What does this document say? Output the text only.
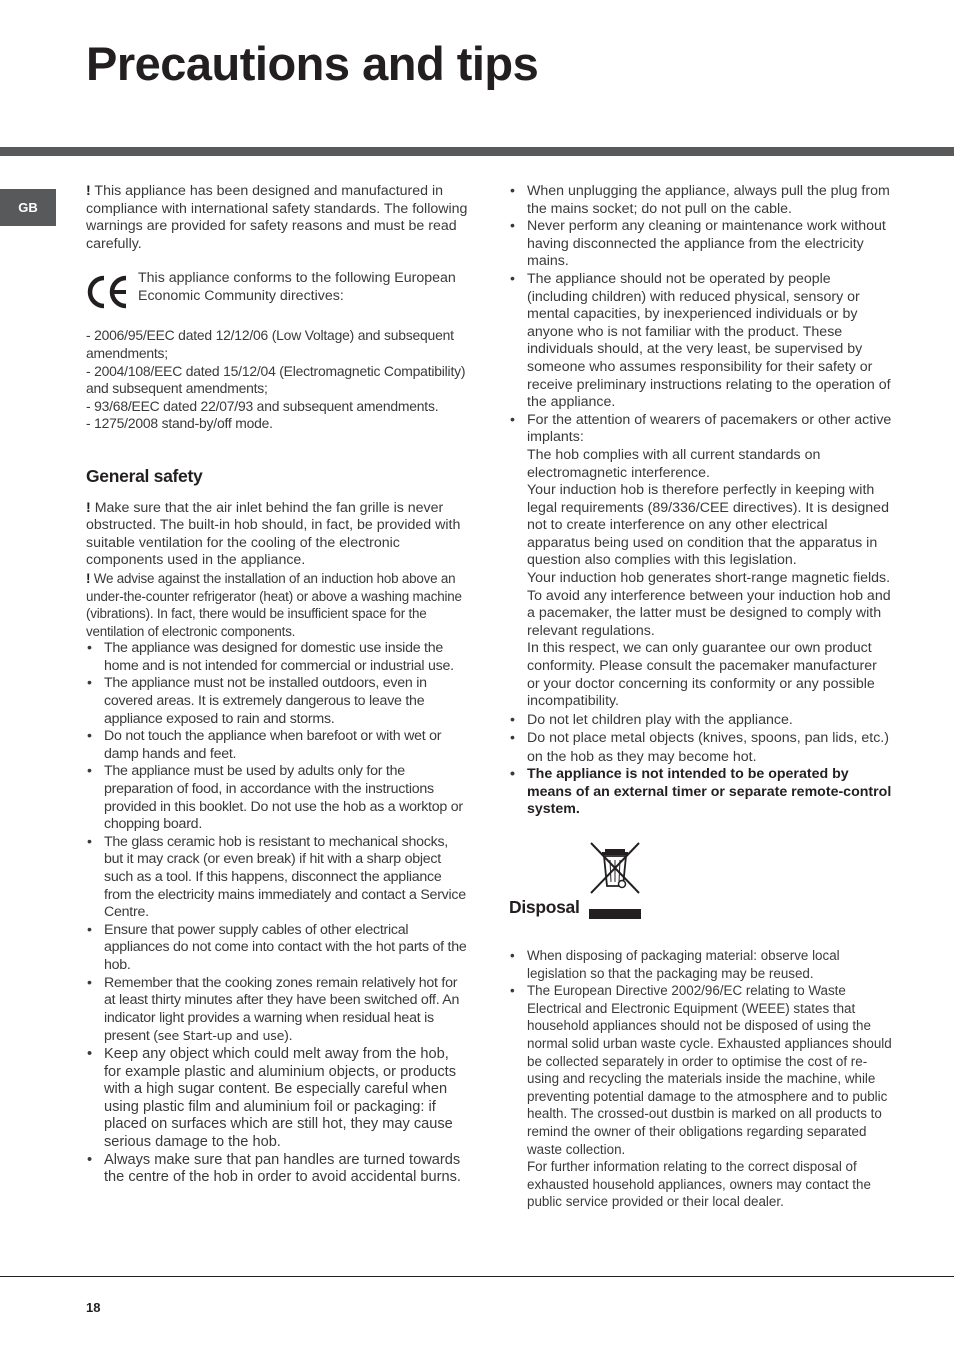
Precautions and tips
GB

! This appliance has been designed and manufactured in compliance with international safety standards. The following warnings are provided for safety reasons and must be read carefully.

This appliance conforms to the following European Economic Community directives:

- 2006/95/EEC dated 12/12/06 (Low Voltage) and subsequent amendments;

- 2004/108/EEC dated 15/12/04 (Electromagnetic Compatibility) and subsequent amendments;

- 93/68/EEC dated 22/07/93 and subsequent amendments.

- 1275/2008 stand-by/off mode.

General safety

! Make sure that the air inlet behind the fan grille is never obstructed. The built-in hob should, in fact, be provided with suitable ventilation for the cooling of the electronic components used in the appliance.

! We advise against the installation of an induction hob above an under-the-counter refrigerator (heat) or above a washing machine (vibrations). In fact, there would be insufficient space for the ventilation of electronic components.

• The appliance was designed for domestic use inside the home and is not intended for commercial or industrial use.
• The appliance must not be installed outdoors, even in covered areas. It is extremely dangerous to leave the appliance exposed to rain and storms.
• Do not touch the appliance when barefoot or with wet or damp hands and feet.
• The appliance must be used by adults only for the preparation of food, in accordance with the instructions provided in this booklet. Do not use the hob as a worktop or chopping board.
• The glass ceramic hob is resistant to mechanical shocks, but it may crack (or even break) if hit with a sharp object such as a tool. If this happens, disconnect the appliance from the electricity mains immediately and contact a Service Centre.
• Ensure that power supply cables of other electrical appliances do not come into contact with the hot parts of the hob.
• Remember that the cooking zones remain relatively hot for at least thirty minutes after they have been switched off. An indicator light provides a warning when residual heat is present (see Start-up and use).
• Keep any object which could melt away from the hob, for example plastic and aluminium objects, or products with a high sugar content. Be especially careful when using plastic film and aluminium foil or packaging: if placed on surfaces which are still hot, they may cause serious damage to the hob.
• Always make sure that pan handles are turned towards the centre of the hob in order to avoid accidental burns.
• When unplugging the appliance, always pull the plug from the mains socket; do not pull on the cable.
• Never perform any cleaning or maintenance work without having disconnected the appliance from the electricity mains.
• The appliance should not be operated by people (including children) with reduced physical, sensory or mental capacities, by inexperienced individuals or by anyone who is not familiar with the product. These individuals should, at the very least, be supervised by someone who assumes responsibility for their safety or receive preliminary instructions relating to the operation of the appliance.
• For the attention of wearers of pacemakers or other active implants:
The hob complies with all current standards on electromagnetic interference.
Your induction hob is therefore perfectly in keeping with legal requirements (89/336/CEE directives). It is designed not to create interference on any other electrical apparatus being used on condition that the apparatus in question also complies with this legislation.
Your induction hob generates short-range magnetic fields.
To avoid any interference between your induction hob and a pacemaker, the latter must be designed to comply with relevant regulations.
In this respect, we can only guarantee our own product conformity. Please consult the pacemaker manufacturer or your doctor concerning its conformity or any possible incompatibility.
• Do not let children play with the appliance.
• Do not place metal objects (knives, spoons, pan lids, etc.) on the hob as they may become hot.
• The appliance is not intended to be operated by means of an external timer or separate remote-control system.
Disposal
• When disposing of packaging material: observe local legislation so that the packaging may be reused.
• The European Directive 2002/96/EC relating to Waste Electrical and Electronic Equipment (WEEE) states that household appliances should not be disposed of using the normal solid urban waste cycle. Exhausted appliances should be collected separately in order to optimise the cost of re-using and recycling the materials inside the machine, while preventing potential damage to the atmosphere and to public health. The crossed-out dustbin is marked on all products to remind the owner of their obligations regarding separated waste collection.
For further information relating to the correct disposal of exhausted household appliances, owners may contact the public service provided or their local dealer.
18
